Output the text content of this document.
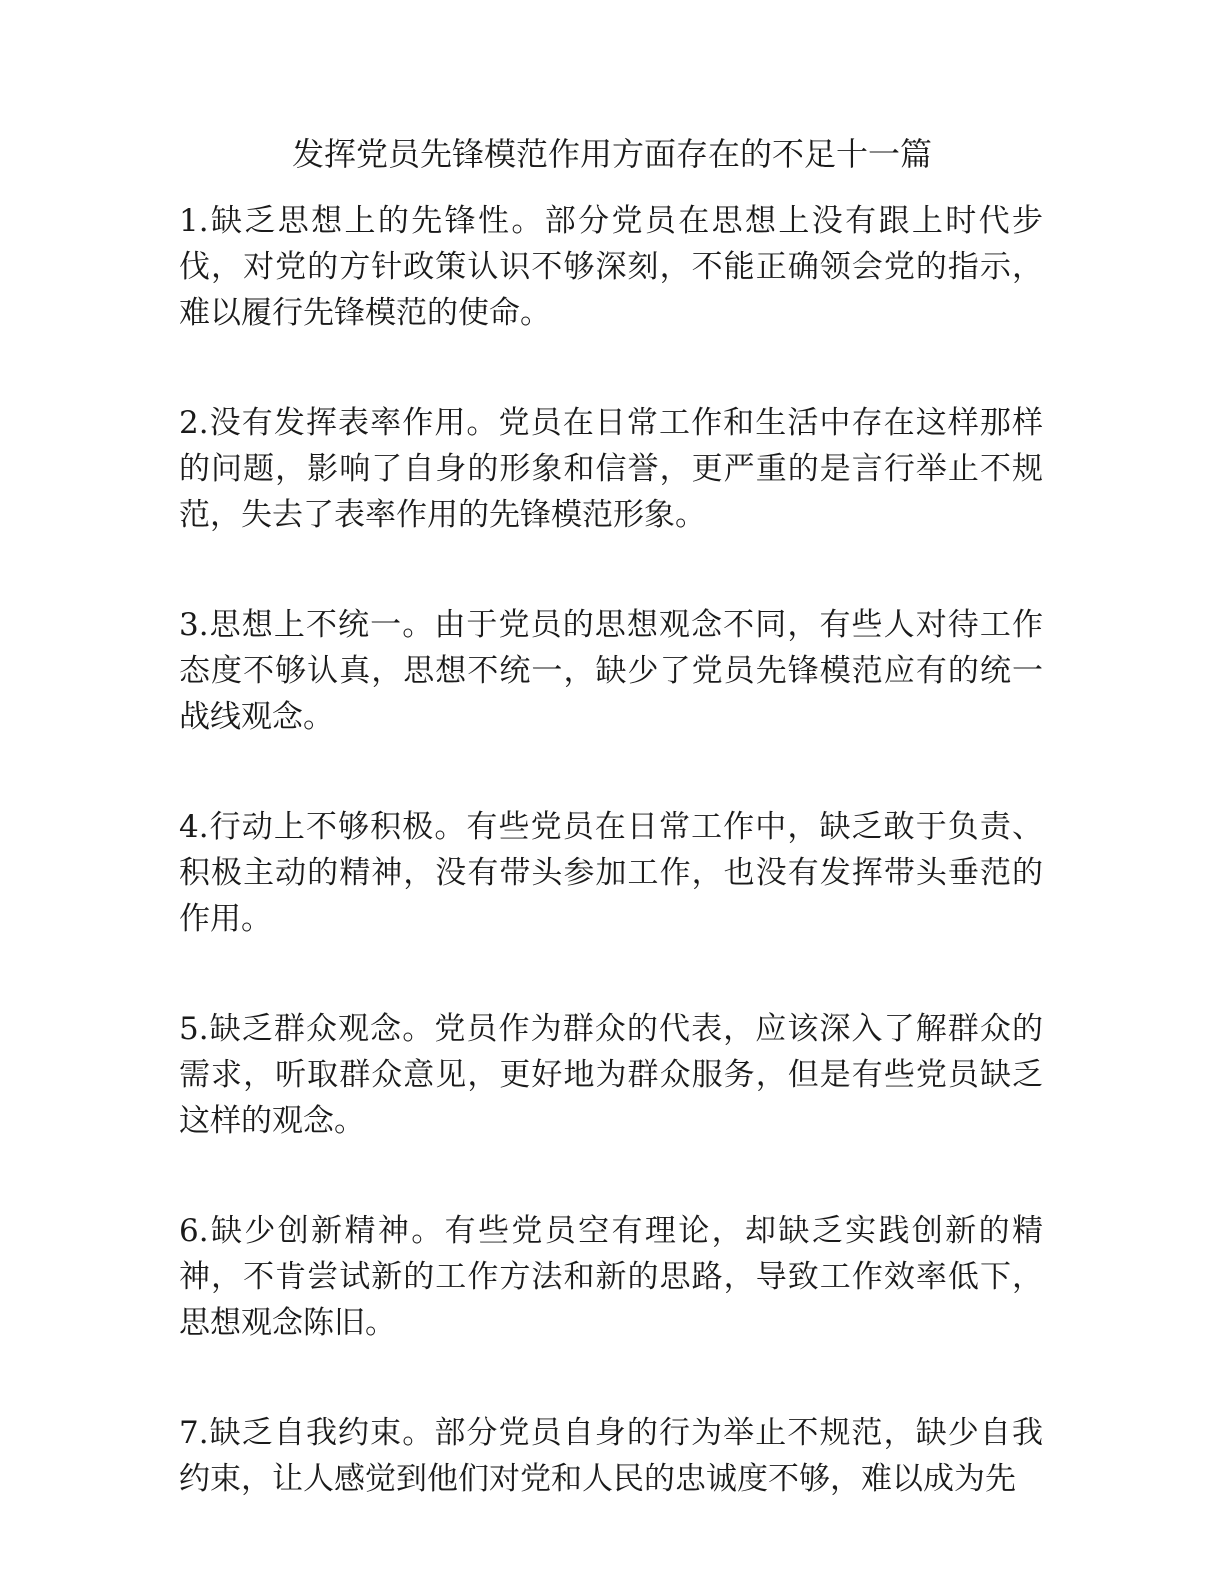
发挥党员先锋模范作用方面存在的不足十一篇

1.缺乏思想上的先锋性。部分党员在思想上没有跟上时代步伐，对党的方针政策认识不够深刻，不能正确领会党的指示，难以履行先锋模范的使命。

2.没有发挥表率作用。党员在日常工作和生活中存在这样那样的问题，影响了自身的形象和信誉，更严重的是言行举止不规范，失去了表率作用的先锋模范形象。

3.思想上不统一。由于党员的思想观念不同，有些人对待工作态度不够认真，思想不统一，缺少了党员先锋模范应有的统一战线观念。

4.行动上不够积极。有些党员在日常工作中，缺乏敢于负责、积极主动的精神，没有带头参加工作，也没有发挥带头垂范的作用。

5.缺乏群众观念。党员作为群众的代表，应该深入了解群众的需求，听取群众意见，更好地为群众服务，但是有些党员缺乏这样的观念。

6.缺少创新精神。有些党员空有理论，却缺乏实践创新的精神，不肯尝试新的工作方法和新的思路，导致工作效率低下，思想观念陈旧。

7.缺乏自我约束。部分党员自身的行为举止不规范，缺少自我约束，让人感觉到他们对党和人民的忠诚度不够，难以成为先
